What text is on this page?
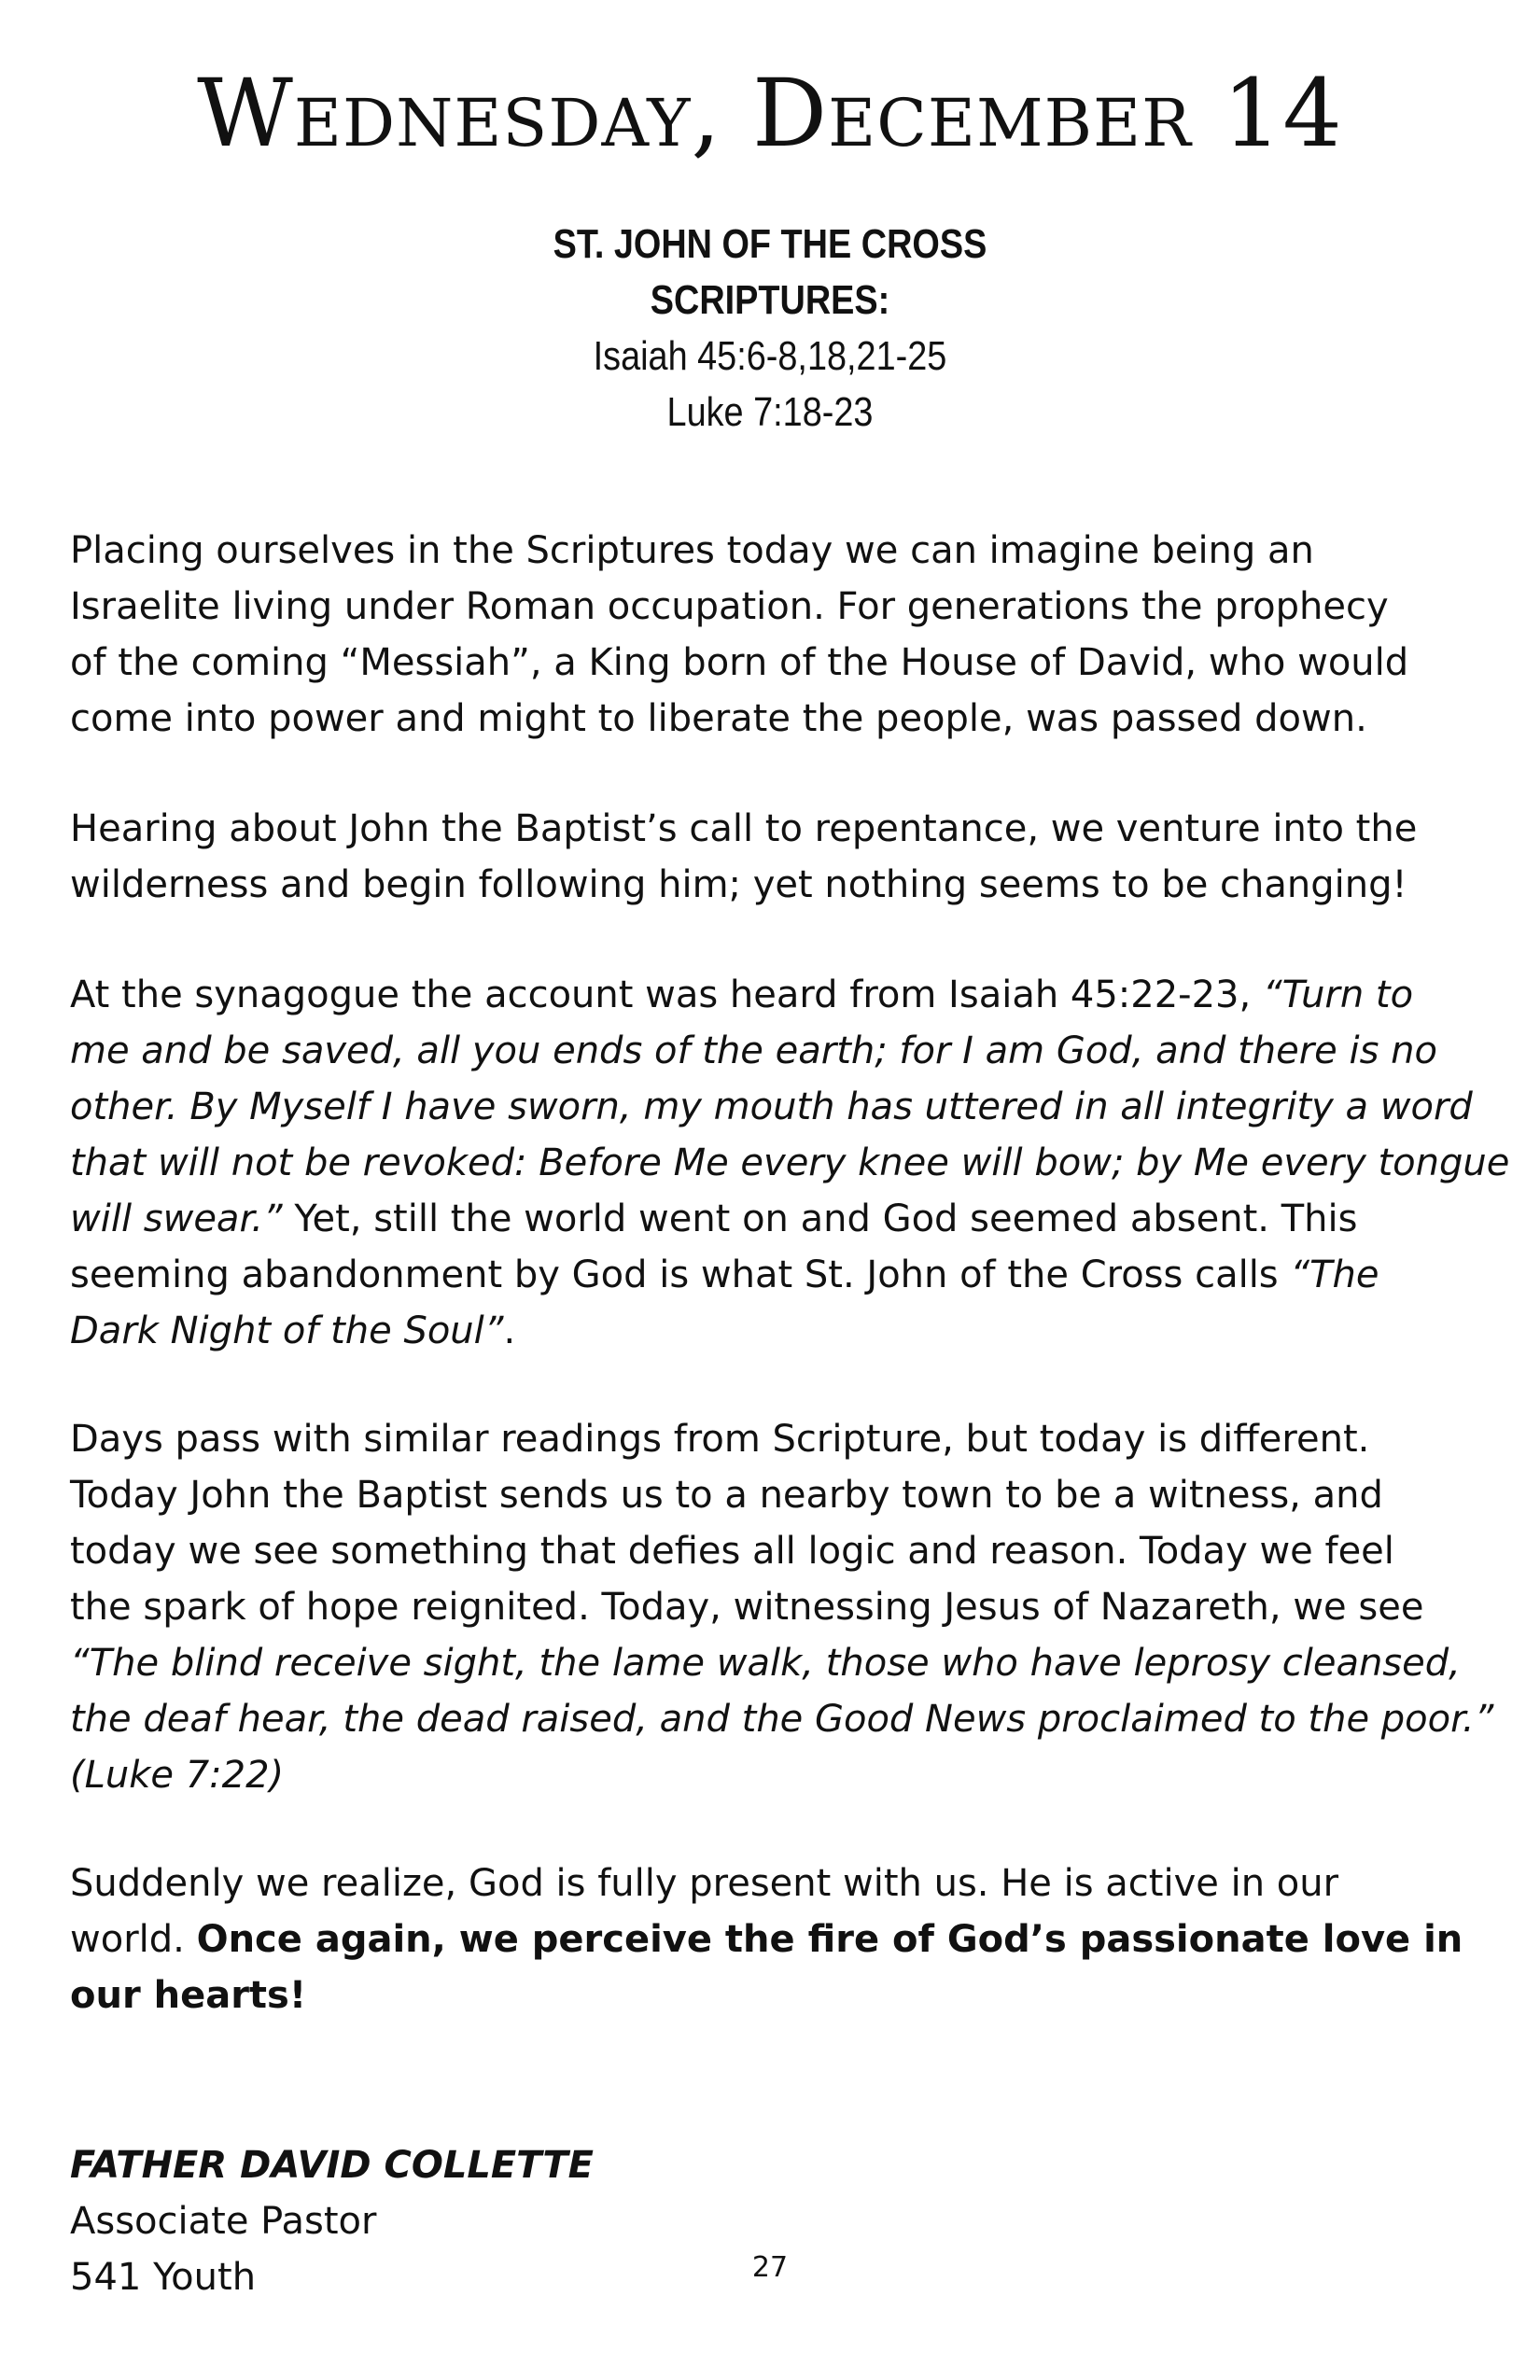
Wednesday, December 14
ST. JOHN OF THE CROSS
SCRIPTURES:
Isaiah 45:6-8,18,21-25
Luke 7:18-23

Placing ourselves in the Scriptures today we can imagine being an
Israelite living under Roman occupation. For generations the prophecy
of the coming “Messiah”, a King born of the House of David, who would
come into power and might to liberate the people, was passed down.

Hearing about John the Baptist’s call to repentance, we venture into the
wilderness and begin following him; yet nothing seems to be changing!

At the synagogue the account was heard from Isaiah 45:22-23, “Turn to
me and be saved, all you ends of the earth; for I am God, and there is no
other. By Myself I have sworn, my mouth has uttered in all integrity a word
that will not be revoked: Before Me every knee will bow; by Me every tongue
will swear.” Yet, still the world went on and God seemed absent. This
seeming abandonment by God is what St. John of the Cross calls “The
Dark Night of the Soul”.

Days pass with similar readings from Scripture, but today is different.
Today John the Baptist sends us to a nearby town to be a witness, and
today we see something that defies all logic and reason. Today we feel
the spark of hope reignited. Today, witnessing Jesus of Nazareth, we see
“The blind receive sight, the lame walk, those who have leprosy cleansed,
the deaf hear, the dead raised, and the Good News proclaimed to the poor.”
(Luke 7:22)

Suddenly we realize, God is fully present with us. He is active in our
world. Once again, we perceive the fire of God’s passionate love in
our hearts!

FATHER DAVID COLLETTE
Associate Pastor
541 Youth	27
